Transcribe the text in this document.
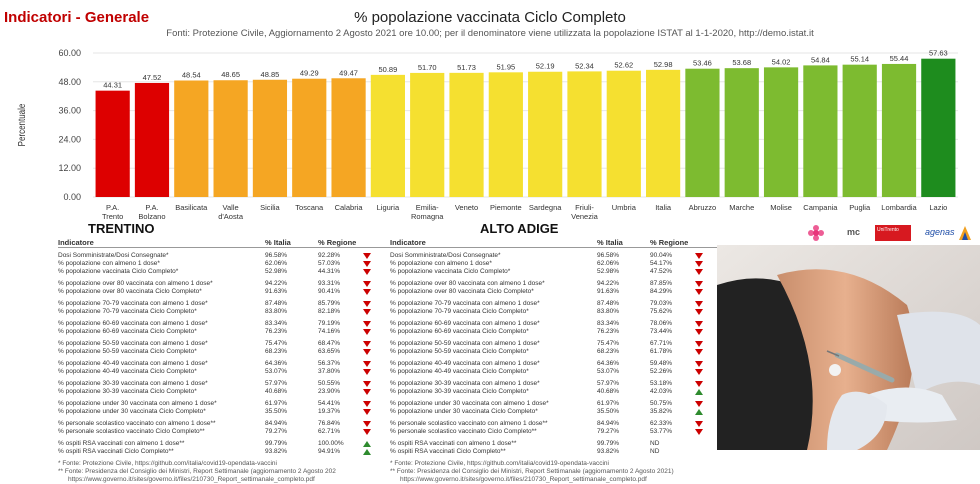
Indicatori - Generale	% popolazione vaccinata Ciclo Completo
Fonti: Protezione Civile, Aggiornamento 2 Agosto 2021 ore 10.00; per il denominatore viene utilizzata la popolazione ISTAT al 1-1-2020, http://demo.istat.it
0.00
12.00
24.00
36.00
48.00
60.00
Percentuale
44.31
P.A.
Trento
47.52
P.A.
Bolzano
48.54
Basilicata
48.65
Valle
d'Aosta
48.85
Sicilia
49.29
Toscana
49.47
Calabria
50.89
Liguria
51.70
Emilia-
Romagna
51.73
Veneto
51.95
Piemonte
52.19
Sardegna
52.34
Friuli-
Venezia
52.62
Umbria
52.98
Italia
53.46
Abruzzo
53.68
Marche
54.02
Molise
54.84
Campania
55.14
Puglia
55.44
Lombardia
57.63
Lazio
TRENTINO
Indicatore	% Italia	% Regione
Dosi Somministrate/Dosi Consegnate*	96.58%	92.28%
% popolazione con almeno 1 dose*	62.06%	57.03%
% popolazione vaccinata Ciclo Completo*	52.98%	44.31%
% popolazione over 80 vaccinata con almeno 1 dose*	94.22%	93.31%
% popolazione over 80 vaccinata Ciclo Completo*	91.63%	90.41%
% popolazione 70-79 vaccinata con almeno 1 dose*	87.48%	85.79%
% popolazione 70-79 vaccinata Ciclo Completo*	83.80%	82.18%
% popolazione 60-69 vaccinata con almeno 1 dose*	83.34%	79.19%
% popolazione 60-69 vaccinata Ciclo Completo*	76.23%	74.16%
% popolazione 50-59 vaccinata con almeno 1 dose*	75.47%	68.47%
% popolazione 50-59 vaccinata Ciclo Completo*	68.23%	63.65%
% popolazione 40-49 vaccinata con almeno 1 dose*	64.36%	56.37%
% popolazione 40-49 vaccinata Ciclo Completo*	53.07%	37.80%
% popolazione 30-39 vaccinata con almeno 1 dose*	57.97%	50.55%
% popolazione 30-39 vaccinata Ciclo Completo*	40.68%	23.90%
% popolazione under 30 vaccinata con almeno 1 dose*	61.97%	54.41%
% popolazione under 30 vaccinata Ciclo Completo*	35.50%	19.37%
% personale scolastico vaccinato con almeno 1 dose**	84.94%	76.84%
% personale scolastico vaccinato Ciclo Completo**	79.27%	62.71%
% ospiti RSA vaccinati con almeno 1 dose**	99.79%	100.00%
% ospiti RSA vaccinati Ciclo Completo**	93.82%	94.91%
* Fonte: Protezione Civile, https://github.com/italia/covid19-opendata-vaccini
** Fonte: Presidenza del Consiglio dei Ministri, Report Settimanale (aggiornamento 2 Agosto 202
https://www.governo.it/sites/governo.it/files/210730_Report_settimanale_completo.pdf
ALTO ADIGE
Indicatore	% Italia	% Regione
Dosi Somministrate/Dosi Consegnate*	96.58%	90.04%
% popolazione con almeno 1 dose*	62.06%	54.17%
% popolazione vaccinata Ciclo Completo*	52.98%	47.52%
% popolazione over 80 vaccinata con almeno 1 dose*	94.22%	87.85%
% popolazione over 80 vaccinata Ciclo Completo*	91.63%	84.29%
% popolazione 70-79 vaccinata con almeno 1 dose*	87.48%	79.03%
% popolazione 70-79 vaccinata Ciclo Completo*	83.80%	75.62%
% popolazione 60-69 vaccinata con almeno 1 dose*	83.34%	78.06%
% popolazione 60-69 vaccinata Ciclo Completo*	76.23%	73.44%
% popolazione 50-59 vaccinata con almeno 1 dose*	75.47%	67.71%
% popolazione 50-59 vaccinata Ciclo Completo*	68.23%	61.78%
% popolazione 40-49 vaccinata con almeno 1 dose*	64.36%	59.48%
% popolazione 40-49 vaccinata Ciclo Completo*	53.07%	52.26%
% popolazione 30-39 vaccinata con almeno 1 dose*	57.97%	53.18%
% popolazione 30-39 vaccinata Ciclo Completo*	40.68%	42.03%
% popolazione under 30 vaccinata con almeno 1 dose*	61.97%	50.75%
% popolazione under 30 vaccinata Ciclo Completo*	35.50%	35.82%
% personale scolastico vaccinato con almeno 1 dose**	84.94%	62.33%
% personale scolastico vaccinato Ciclo Completo**	79.27%	53.77%
% ospiti RSA vaccinati con almeno 1 dose**	99.79%	ND
% ospiti RSA vaccinati Ciclo Completo**	93.82%	ND
* Fonte: Protezione Civile, https://github.com/italia/covid19-opendata-vaccini
** Fonte: Presidenza del Consiglio dei Ministri, Report Settimanale (aggiornamento 2 Agosto 2021)
https://www.governo.it/sites/governo.it/files/210730_Report_settimanale_completo.pdf
mc	UniTrento	agenas
